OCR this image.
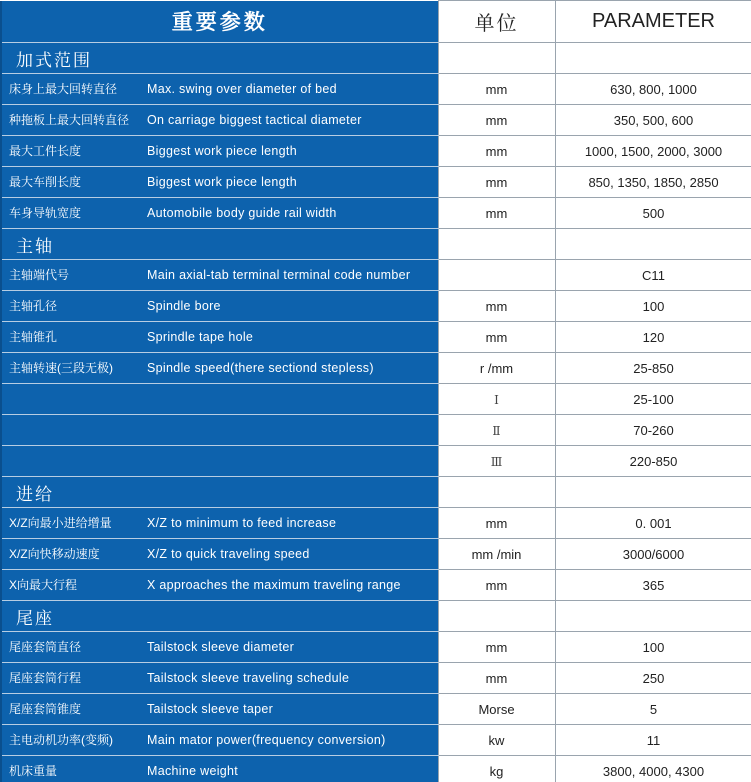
重要参数	单位	PARAMETER
加式范围		
床身上最大回转直径 Max. swing over diameter of bed	mm	630, 800, 1000
种拖板上最大回转直径 On carriage biggest tactical diameter	mm	350, 500, 600
最大工件长度 Biggest work piece length	mm	1000, 1500, 2000, 3000
最大车削长度 Biggest work piece length	mm	850, 1350, 1850, 2850
车身导轨宽度 Automobile body guide rail width	mm	500
主轴		
主轴端代号 Main axial-tab terminal terminal code number		C11
主轴孔径 Spindle bore	mm	100
主轴锥孔 Sprindle tape hole	mm	120
主轴转速(三段无极) Spindle speed(there sectiond stepless)	r /mm	25-850
	Ⅰ	25-100
	Ⅱ	70-260
	Ⅲ	220-850
进给		
X/Z向最小进给增量 X/Z to minimum to feed increase	mm	0. 001
X/Z向快移动速度 X/Z to quick traveling speed	mm /min	3000/6000
X向最大行程 X approaches the maximum traveling range	mm	365
尾座		
尾座套筒直径 Tailstock sleeve diameter	mm	100
尾座套筒行程 Tailstock sleeve traveling schedule	mm	250
尾座套筒锥度 Tailstock sleeve taper	Morse	5
主电动机功率(变频) Main mator power(frequency conversion)	kw	11
机床重量 Machine weight	kg	3800, 4000, 4300
